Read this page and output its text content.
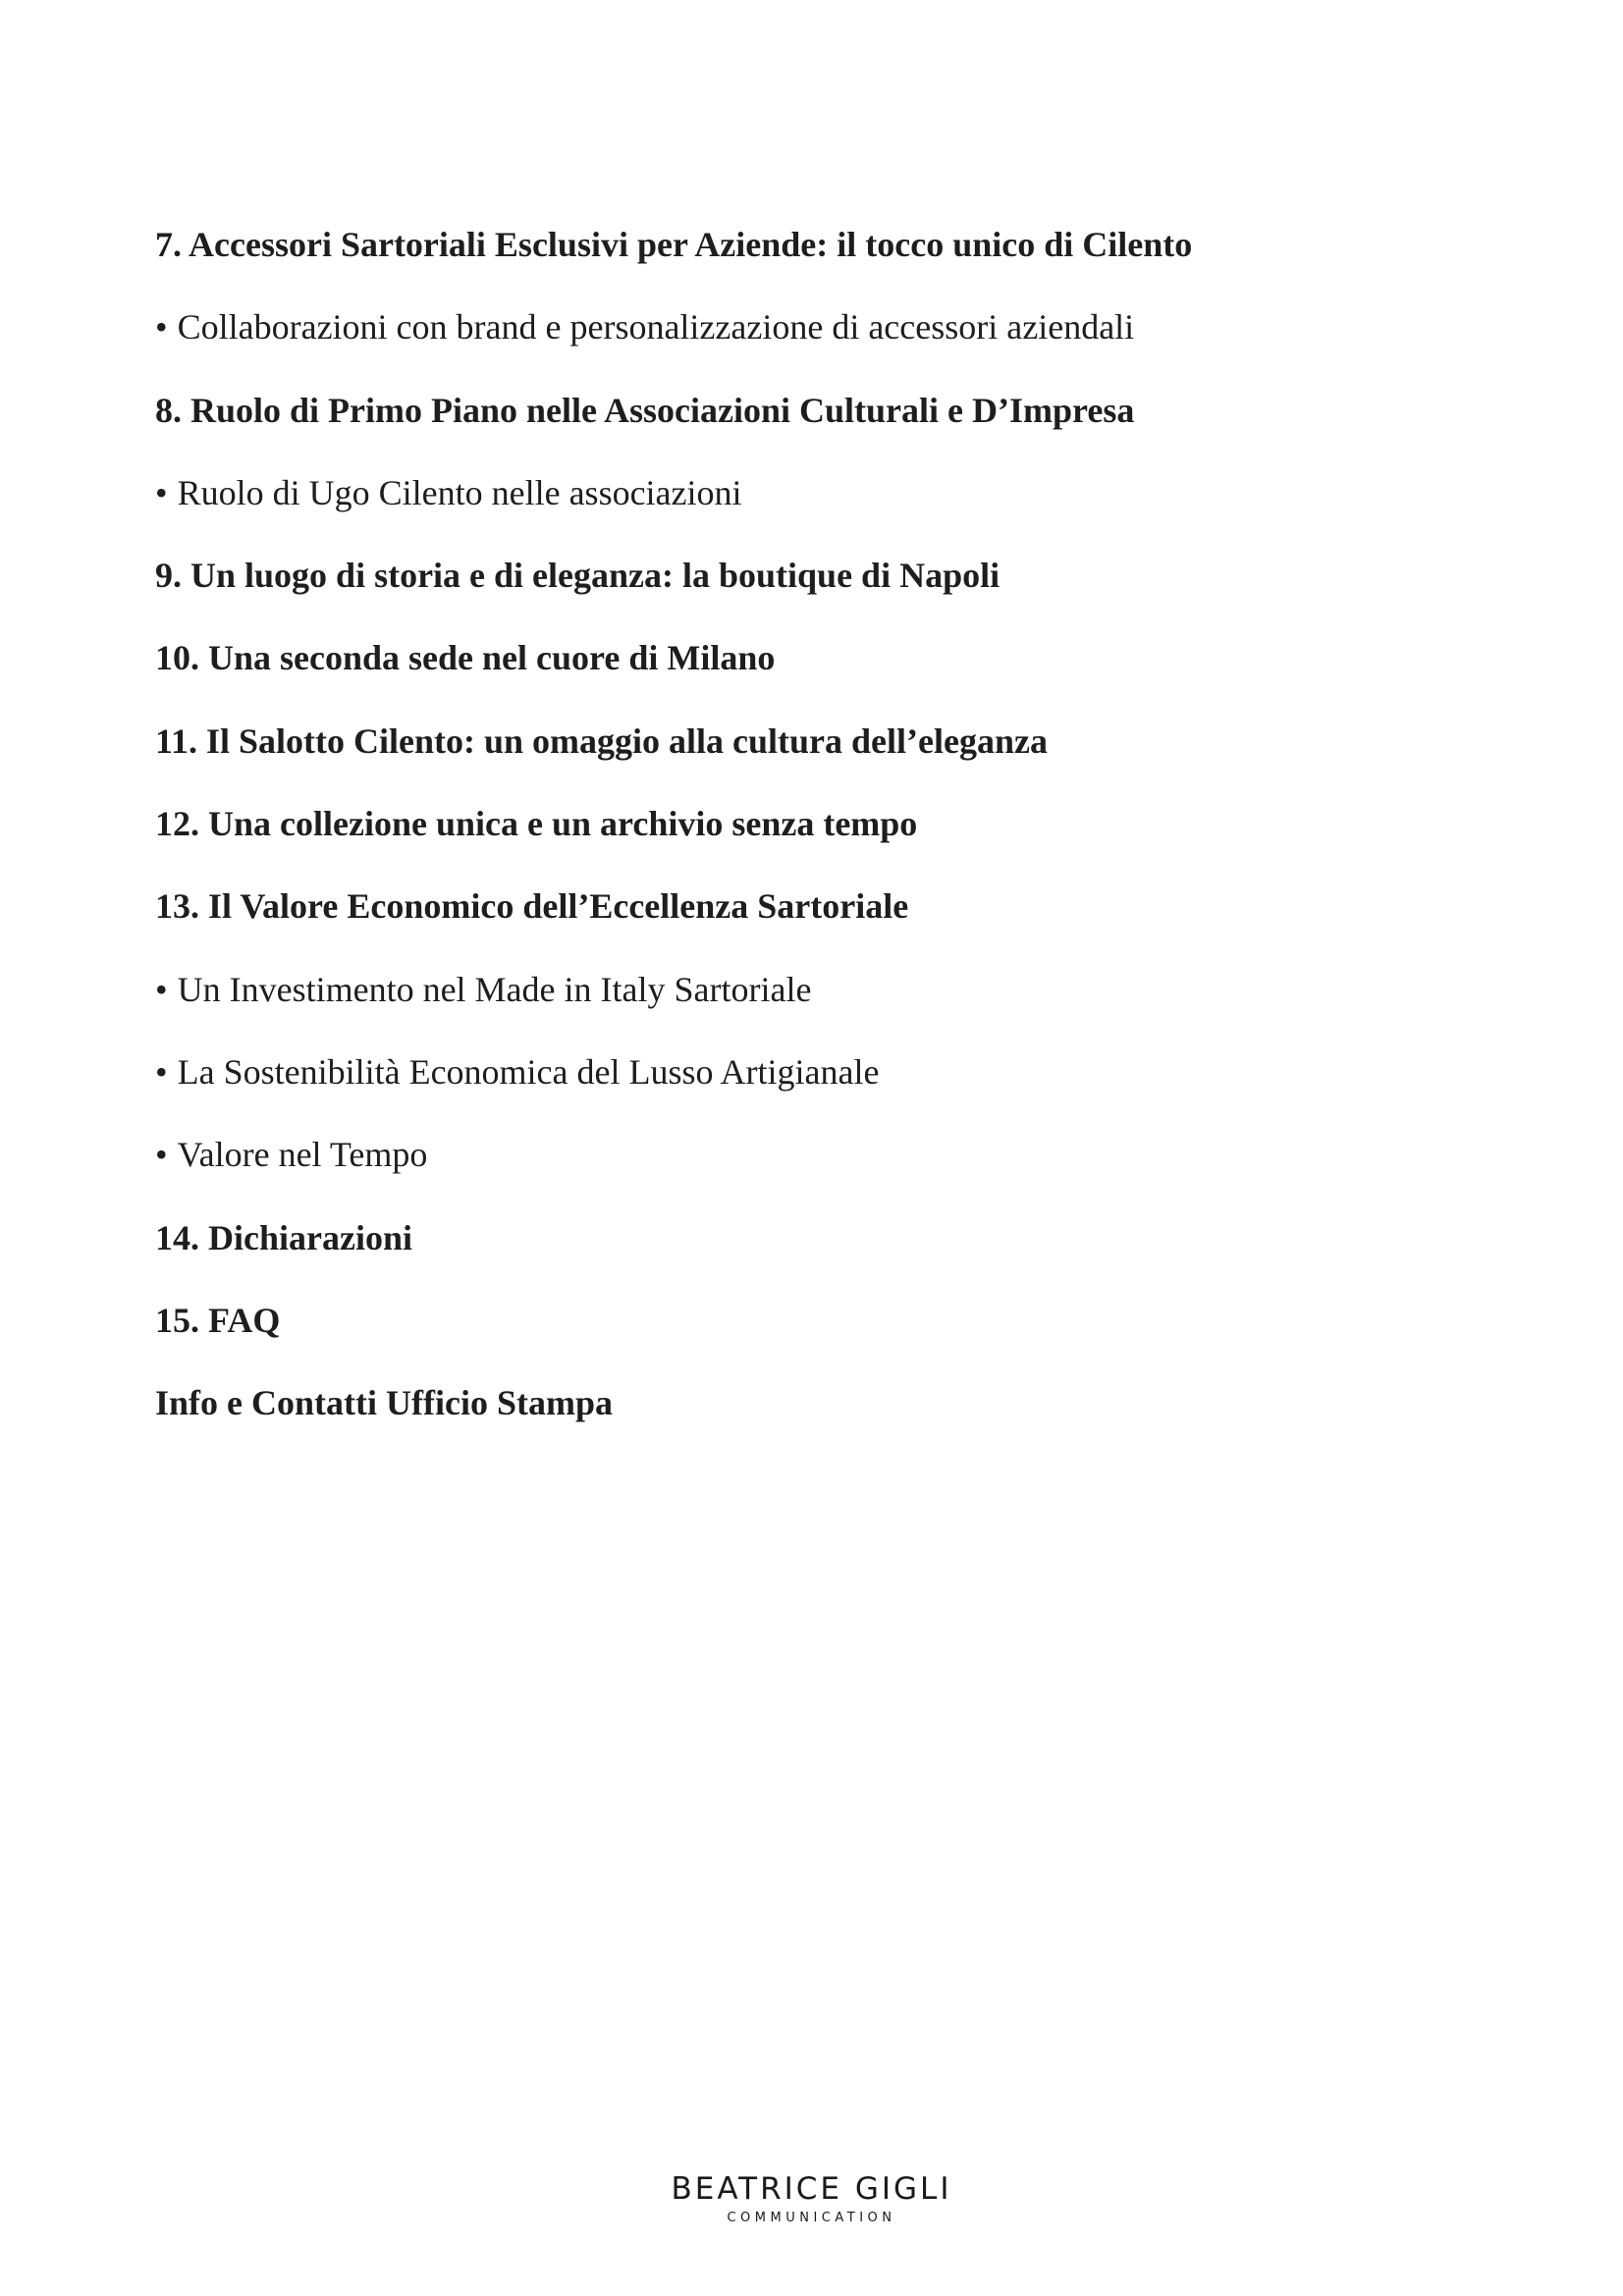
7. Accessori Sartoriali Esclusivi per Aziende: il tocco unico di Cilento
• Collaborazioni con brand e personalizzazione di accessori aziendali
8. Ruolo di Primo Piano nelle Associazioni Culturali e D’Impresa
• Ruolo di Ugo Cilento nelle associazioni
9. Un luogo di storia e di eleganza: la boutique di Napoli
10. Una seconda sede nel cuore di Milano
11. Il Salotto Cilento: un omaggio alla cultura dell’eleganza
12. Una collezione unica e un archivio senza tempo
13. Il Valore Economico dell’Eccellenza Sartoriale
• Un Investimento nel Made in Italy Sartoriale
• La Sostenibilità Economica del Lusso Artigianale
• Valore nel Tempo
14. Dichiarazioni
15. FAQ
Info e Contatti Ufficio Stampa
BEATRICE GIGLI
COMMUNICATION
